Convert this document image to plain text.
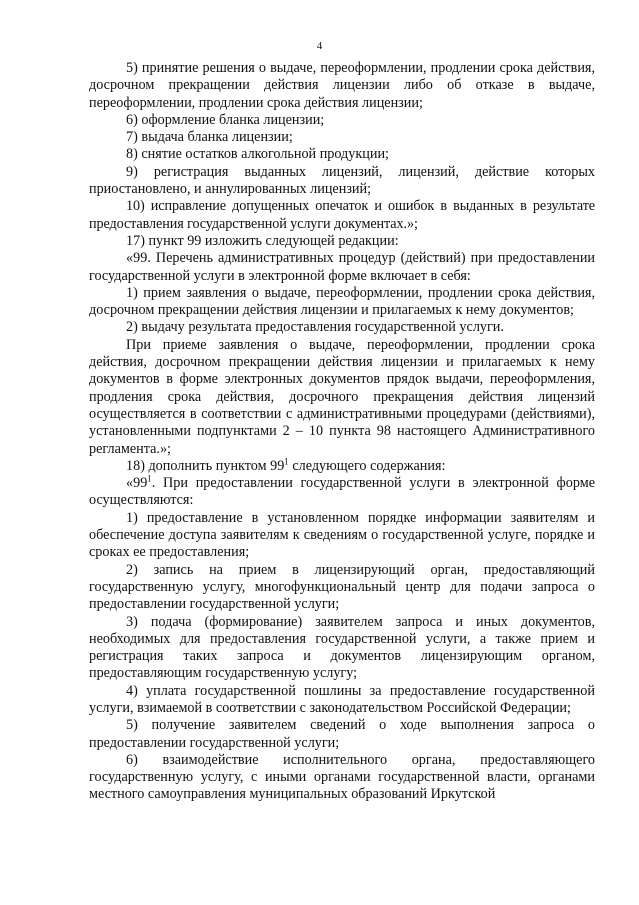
4

5) принятие решения о выдаче, переоформлении, продлении срока действия, досрочном прекращении действия лицензии либо об отказе в выдаче, переоформлении, продлении срока действия лицензии;

6) оформление бланка лицензии;

7) выдача бланка лицензии;

8) снятие остатков алкогольной продукции;

9) регистрация выданных лицензий, лицензий, действие которых приостановлено, и аннулированных лицензий;

10) исправление допущенных опечаток и ошибок в выданных в результате предоставления государственной услуги документах.»;

17) пункт 99 изложить следующей редакции:

«99. Перечень административных процедур (действий) при предоставлении государственной услуги в электронной форме включает в себя:

1) прием заявления о выдаче, переоформлении, продлении срока действия, досрочном прекращении действия лицензии и прилагаемых к нему документов;

2) выдачу результата предоставления государственной услуги.

При приеме заявления о выдаче, переоформлении, продлении срока действия, досрочном прекращении действия лицензии и прилагаемых к нему документов в форме электронных документов прядок выдачи, переоформления, продления срока действия, досрочного прекращения действия лицензий осуществляется в соответствии с административными процедурами (действиями), установленными подпунктами 2 – 10 пункта 98 настоящего Административного регламента.»;

18) дополнить пунктом $99^1$ следующего содержания:

«$99^1$. При предоставлении государственной услуги в электронной форме осуществляются:

1) предоставление в установленном порядке информации заявителям и обеспечение доступа заявителям к сведениям о государственной услуге, порядке и сроках ее предоставления;

2) запись на прием в лицензирующий орган, предоставляющий государственную услугу, многофункциональный центр для подачи запроса о предоставлении государственной услуги;

3) подача (формирование) заявителем запроса и иных документов, необходимых для предоставления государственной услуги, а также прием и регистрация таких запроса и документов лицензирующим органом, предоставляющим государственную услугу;

4) уплата государственной пошлины за предоставление государственной услуги, взимаемой в соответствии с законодательством Российской Федерации;

5) получение заявителем сведений о ходе выполнения запроса о предоставлении государственной услуги;

6) взаимодействие исполнительного органа, предоставляющего государственную услугу, с иными органами государственной власти, органами местного самоуправления муниципальных образований Иркутской
